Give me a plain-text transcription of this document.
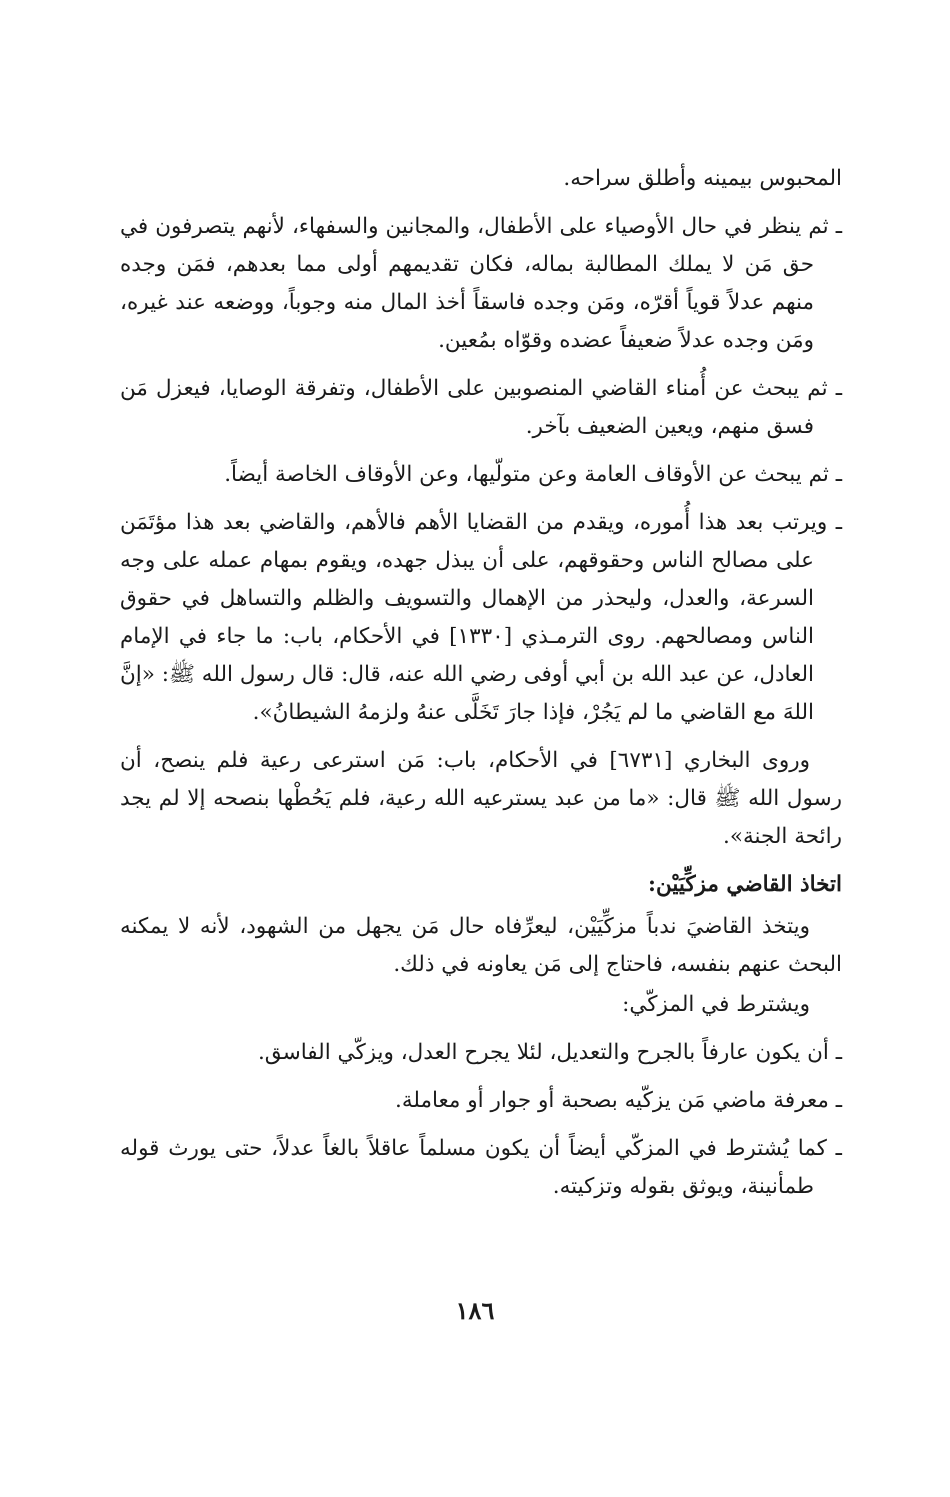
المحبوس بيمينه وأطلق سراحه.

ـ ثم ينظر في حال الأوصياء على الأطفال، والمجانين والسفهاء، لأنهم يتصرفون في حق مَن لا يملك المطالبة بماله، فكان تقديمهم أولى مما بعدهم، فمَن وجده منهم عدلاً قوياً أقرّه، ومَن وجده فاسقاً أخذ المال منه وجوباً، ووضعه عند غيره، ومَن وجده عدلاً ضعيفاً عضده وقوّاه بمُعين.

ـ ثم يبحث عن أُمناء القاضي المنصوبين على الأطفال، وتفرقة الوصايا، فيعزل مَن فسق منهم، ويعين الضعيف بآخر.

ـ ثم يبحث عن الأوقاف العامة وعن متولّيها، وعن الأوقاف الخاصة أيضاً.

ـ ويرتب بعد هذا أُموره، ويقدم من القضايا الأهم فالأهم، والقاضي بعد هذا مؤتَمَن على مصالح الناس وحقوقهم، على أن يبذل جهده، ويقوم بمهام عمله على وجه السرعة، والعدل، وليحذر من الإهمال والتسويف والظلم والتساهل في حقوق الناس ومصالحهم. روى الترمـذي [١٣٣٠] في الأحكام، باب: ما جاء في الإمام العادل، عن عبد الله بن أبي أوفى رضي الله عنه، قال: قال رسول الله ﷺ: «إنَّ اللهَ مع القاضي ما لم يَجُرْ، فإذا جارَ تَخَلَّى عنهُ ولزمهُ الشيطانُ».

وروى البخاري [٦٧٣١] في الأحكام، باب: مَن استرعى رعية فلم ينصح، أن رسول الله ﷺ قال: «ما من عبد يسترعيه الله رعية، فلم يَحُطْها بنصحه إلا لم يجد رائحة الجنة».

اتخاذ القاضي مزكِّيَيْن:

ويتخذ القاضيَ ندباً مزكِّيَيْن، ليعرِّفاه حال مَن يجهل من الشهود، لأنه لا يمكنه البحث عنهم بنفسه، فاحتاج إلى مَن يعاونه في ذلك.

ويشترط في المزكّي:

ـ أن يكون عارفاً بالجرح والتعديل، لئلا يجرح العدل، ويزكّي الفاسق.

ـ معرفة ماضي مَن يزكّيه بصحبة أو جوار أو معاملة.

ـ كما يُشترط في المزكّي أيضاً أن يكون مسلماً عاقلاً بالغاً عدلاً، حتى يورث قوله طمأنينة، ويوثق بقوله وتزكيته.

١٨٦
